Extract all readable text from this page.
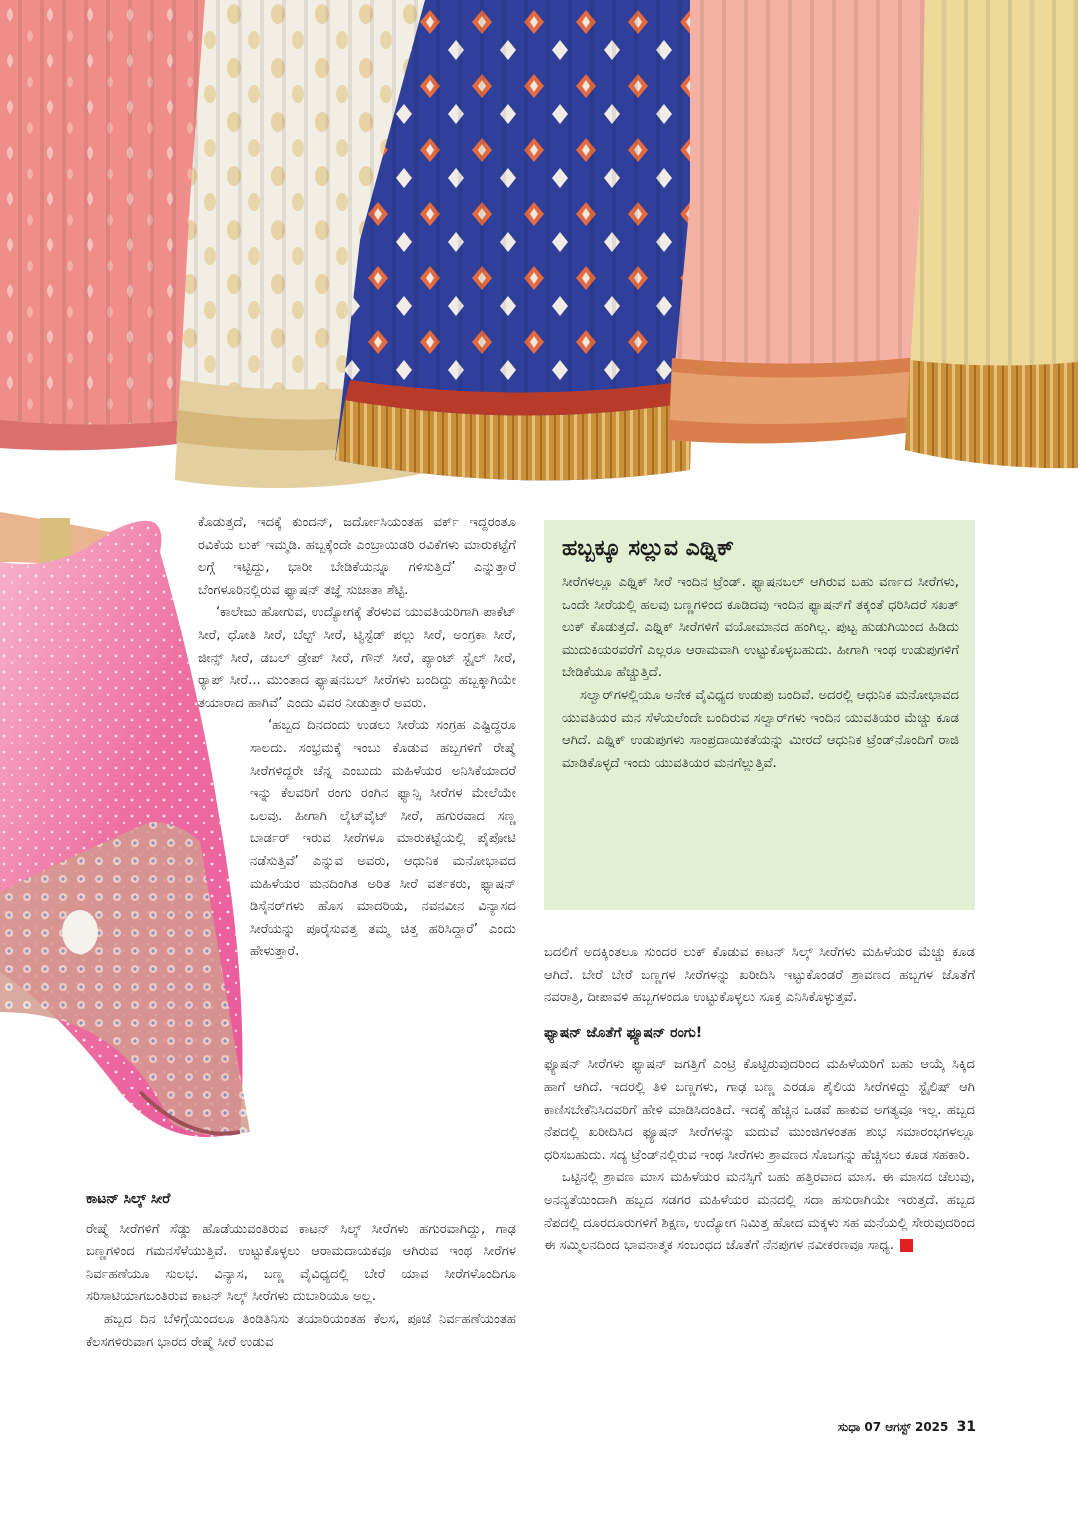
ಕೊಡುತ್ತದೆ, ಇದಕ್ಕೆ ಕುಂದನ್, ಜರ್ದೋಸಿಯಂತಹ ವರ್ಕ್ ಇದ್ದರಂತೂ ರವಿಕೆಯ ಲುಕ್ ಇಮ್ಮಡಿ. ಹಬ್ಬಕ್ಕೆಂದೇ ಎಂಬ್ರಾಯಿಡರಿ ರವಿಕೆಗಳು ಮಾರುಕಟ್ಟೆಗೆ ಲಗ್ಗೆ ಇಟ್ಟಿದ್ದು, ಭಾರೀ ಬೇಡಿಕೆಯನ್ನೂ ಗಳಿಸುತ್ತಿದೆ’ ಎನ್ನುತ್ತಾರೆ ಬೆಂಗಳೂರಿನಲ್ಲಿರುವ ಫ್ಯಾಷನ್ ತಜ್ಞೆ ಸುಜಾತಾ ಶೆಟ್ಟಿ.

‘ಕಾಲೇಜು ಹೋಗುವ, ಉದ್ಯೋಗಕ್ಕೆ ತೆರಳುವ ಯುವತಿಯರಿಗಾಗಿ ಪಾಕೆಟ್ ಸೀರೆ, ಧೋತಿ ಸೀರೆ, ಬೆಲ್ಟ್ ಸೀರೆ, ಟ್ವಿಸ್ಟೆಡ್ ಪಲ್ಲು ಸೀರೆ, ಅಂಗ್ರಕಾ ಸೀರೆ, ಜೀನ್ಸ್ ಸೀರೆ, ಡಬಲ್ ಡ್ರೇಪ್ ಸೀರೆ, ಗೌನ್ ಸೀರೆ, ಪ್ಯಾಂಟ್ ಸ್ಟೈಲ್ ಸೀರೆ, ರ್‍ಯಾಪ್ ಸೀರೆ... ಮುಂತಾದ ಫ್ಯಾಷನಬಲ್ ಸೀರೆಗಳು ಬಂದಿದ್ದು ಹಬ್ಬಕ್ಕಾಗಿಯೇ ತಯಾರಾದ ಹಾಗಿವೆ’ ಎಂದು ವಿವರ ನೀಡುತ್ತಾರೆ ಅವರು.

‘ಹಬ್ಬದ ದಿನದಂದು ಉಡಲು ಸೀರೆಯ ಸಂಗ್ರಹ ಎಷ್ಟಿದ್ದರೂ ಸಾಲದು. ಸಂಭ್ರಮಕ್ಕೆ ಇಂಬು ಕೊಡುವ ಹಬ್ಬಗಳಿಗೆ ರೇಷ್ಮೆ ಸೀರೆಗಳಿದ್ದರೇ ಚೆನ್ನ ಎಂಬುದು ಮಹಿಳೆಯರ ಅನಿಸಿಕೆಯಾದರೆ ಇನ್ನು ಕೆಲವರಿಗೆ ರಂಗು ರಂಗಿನ ಫ್ಯಾನ್ಸಿ ಸೀರೆಗಳ ಮೇಲೆಯೇ ಒಲವು. ಹೀಗಾಗಿ ಲೈಟ್‌ವೈಟ್ ಸೀರೆ, ಹಗುರವಾದ ಸಣ್ಣ ಬಾರ್ಡರ್ ಇರುವ ಸೀರೆಗಳೂ ಮಾರುಕಟ್ಟೆಯಲ್ಲಿ ಪೈಪೋಟಿ ನಡೆಸುತ್ತಿವೆ’ ಎನ್ನುವ ಅವರು, ಆಧುನಿಕ ಮನೋಭಾವದ ಮಹಿಳೆಯರ ಮನದಿಂಗಿತ ಅರಿತ ಸೀರೆ ವರ್ತಕರು, ಫ್ಯಾಷನ್ ಡಿಸೈನರ್‌ಗಳು ಹೊಸ ಮಾದರಿಯ, ನವನವೀನ ವಿನ್ಯಾಸದ ಸೀರೆಯನ್ನು ಪೂರೈಸುವತ್ತ ತಮ್ಮ ಚಿತ್ತ ಹರಿಸಿದ್ದಾರೆ’ ಎಂದು ಹೇಳುತ್ತಾರೆ.

ಕಾಟನ್ ಸಿಲ್ಕ್ ಸೀರೆ

ರೇಷ್ಮೆ ಸೀರೆಗಳಿಗೆ ಸೆಡ್ಡು ಹೊಡೆಯುವಂತಿರುವ ಕಾಟನ್ ಸಿಲ್ಕ್ ಸೀರೆಗಳು ಹಗುರವಾಗಿದ್ದು, ಗಾಢ ಬಣ್ಣಗಳಿಂದ ಗಮನಸೆಳೆಯುತ್ತಿವೆ. ಉಟ್ಟುಕೊಳ್ಳಲು ಆರಾಮದಾಯಕವೂ ಆಗಿರುವ ಇಂಥ ಸೀರೆಗಳ ನಿರ್ವಹಣೆಯೂ ಸುಲಭ. ವಿನ್ಯಾಸ, ಬಣ್ಣ ವೈವಿಧ್ಯದಲ್ಲಿ ಬೇರೆ ಯಾವ ಸೀರೆಗಳೊಂದಿಗೂ ಸರಿಸಾಟಿಯಾಗಬಂತಿರುವ ಕಾಟನ್ ಸಿಲ್ಕ್ ಸೀರೆಗಳು ದುಬಾರಿಯೂ ಅಲ್ಲ.

ಹಬ್ಬದ ದಿನ ಬೆಳಿಗ್ಗೆಯಿಂದಲೂ ತಿಂಡಿತಿನಿಸು ತಯಾರಿಯಂತಹ ಕೆಲಸ, ಪೂಜೆ ನಿರ್ವಹಣೆಯಂತಹ ಕೆಲಸಗಳಿರುವಾಗ ಭಾರದ ರೇಷ್ಮೆ ಸೀರೆ ಉಡುವ

ಹಬ್ಬಕ್ಕೂ ಸಲ್ಲುವ ಎಥ್ನಿಕ್

ಸೀರೆಗಳಲ್ಲೂ ಎಥ್ನಿಕ್ ಸೀರೆ ಇಂದಿನ ಟ್ರೆಂಡ್. ಫ್ಯಾಷನಬಲ್ ಆಗಿರುವ ಬಹು ವರ್ಣದ ಸೀರೆಗಳು, ಒಂದೇ ಸೀರೆಯಲ್ಲಿ ಹಲವು ಬಣ್ಣಗಳಿಂದ ಕೂಡಿದವು ಇಂದಿನ ಫ್ಯಾಷನ್‌ಗೆ ತಕ್ಕಂತೆ ಧರಿಸಿದರೆ ಸಖತ್ ಲುಕ್ ಕೊಡುತ್ತದೆ. ಎಥ್ನಿಕ್ ಸೀರೆಗಳಿಗೆ ವಯೋಮಾನದ ಹಂಗಿಲ್ಲ. ಪುಟ್ಟ ಹುಡುಗಿಯಿಂದ ಹಿಡಿದು ಮುದುಕಿಯರವರೆಗೆ ಎಲ್ಲರೂ ಆರಾಮವಾಗಿ ಉಟ್ಟುಕೊಳ್ಳಬಹುದು. ಹೀಗಾಗಿ ಇಂಥ ಉಡುಪುಗಳಿಗೆ ಬೇಡಿಕೆಯೂ ಹೆಚ್ಚುತ್ತಿದೆ.

ಸಲ್ವಾರ್‌ಗಳಲ್ಲಿಯೂ ಅನೇಕ ವೈವಿಧ್ಯದ ಉಡುಪು ಬಂದಿವೆ. ಅದರಲ್ಲಿ ಆಧುನಿಕ ಮನೋಭಾವದ ಯುವತಿಯರ ಮನ ಸೆಳೆಯಲೆಂದೇ ಬಂದಿರುವ ಸಲ್ವಾರ್‌ಗಳು ಇಂದಿನ ಯುವತಿಯರ ಮೆಚ್ಚು ಕೂಡ ಆಗಿದೆ. ಎಥ್ನಿಕ್ ಉಡುಪುಗಳು ಸಾಂಪ್ರದಾಯಿಕತೆಯನ್ನು ಮೀರದೆ ಆಧುನಿಕ ಟ್ರೆಂಡ್‌ನೊಂದಿಗೆ ರಾಜಿ ಮಾಡಿಕೊಳ್ಳದೆ ಇಂದು ಯುವತಿಯರ ಮನಗೆಲ್ಲುತ್ತಿವೆ.

ಬದಲಿಗೆ ಅದಕ್ಕಿಂತಲೂ ಸುಂದರ ಲುಕ್ ಕೊಡುವ ಕಾಟನ್ ಸಿಲ್ಕ್ ಸೀರೆಗಳು ಮಹಿಳೆಯರ ಮೆಚ್ಚು ಕೂಡ ಆಗಿದೆ. ಬೇರೆ ಬೇರೆ ಬಣ್ಣಗಳ ಸೀರೆಗಳನ್ನು ಖರೀದಿಸಿ ಇಟ್ಟುಕೊಂಡರೆ ಶ್ರಾವಣದ ಹಬ್ಬಗಳ ಜೊತೆಗೆ ನವರಾತ್ರಿ, ದೀಪಾವಳಿ ಹಬ್ಬಗಳಂದೂ ಉಟ್ಟುಕೊಳ್ಳಲು ಸೂಕ್ತ ಎನಿಸಿಕೊಳ್ಳುತ್ತವೆ.

ಫ್ಯಾಷನ್ ಜೊತೆಗೆ ಫ್ಯೂಷನ್ ರಂಗು!

ಫ್ಯೂಷನ್ ಸೀರೆಗಳು ಫ್ಯಾಷನ್ ಜಗತ್ತಿಗೆ ಎಂಟ್ರಿ ಕೊಟ್ಟಿರುವುದರಿಂದ ಮಹಿಳೆಯರಿಗೆ ಬಹು ಆಯ್ಕೆ ಸಿಕ್ಕಿದ ಹಾಗೆ ಆಗಿದೆ. ಇದರಲ್ಲಿ ತಿಳಿ ಬಣ್ಣಗಳು, ಗಾಢ ಬಣ್ಣ ಎರಡೂ ಶೈಲಿಯ ಸೀರೆಗಳಿದ್ದು ಸ್ಟೈಲಿಷ್ ಆಗಿ ಕಾಣಿಸಬೇಕೆನಿಸಿದವರಿಗೆ ಹೇಳಿ ಮಾಡಿಸಿದಂತಿದೆ. ಇದಕ್ಕೆ ಹೆಚ್ಚಿನ ಒಡವೆ ಹಾಕುವ ಅಗತ್ಯವೂ ಇಲ್ಲ. ಹಬ್ಬದ ನೆಪದಲ್ಲಿ ಖರೀದಿಸಿದ ಫ್ಯೂಷನ್ ಸೀರೆಗಳನ್ನು ಮದುವೆ ಮುಂಜಿಗಳಂತಹ ಶುಭ ಸಮಾರಂಭಗಳಲ್ಲೂ ಧರಿಸಬಹುದು. ಸದ್ಯ ಟ್ರೆಂಡ್‌ನಲ್ಲಿರುವ ಇಂಥ ಸೀರೆಗಳು ಶ್ರಾವಣದ ಸೊಬಗನ್ನು ಹೆಚ್ಚಿಸಲು ಕೂಡ ಸಹಕಾರಿ.

ಒಟ್ಟಿನಲ್ಲಿ ಶ್ರಾವಣ ಮಾಸ ಮಹಿಳೆಯರ ಮನಸ್ಸಿಗೆ ಬಹು ಹತ್ತಿರವಾದ ಮಾಸ. ಈ ಮಾಸದ ಚೆಲುವು, ಅನನ್ಯತೆಯಿಂದಾಗಿ ಹಬ್ಬದ ಸಡಗರ ಮಹಿಳೆಯರ ಮನದಲ್ಲಿ ಸದಾ ಹಸುರಾಗಿಯೇ ಇರುತ್ತದೆ. ಹಬ್ಬದ ನೆಪದಲ್ಲಿ ದೂರದೂರುಗಳಿಗೆ ಶಿಕ್ಷಣ, ಉದ್ಯೋಗ ನಿಮಿತ್ತ ಹೋದ ಮಕ್ಕಳು ಸಹ ಮನೆಯಲ್ಲಿ ಸೇರುವುದರಿಂದ ಈ ಸಮ್ಮಿಲನದಿಂದ ಭಾವನಾತ್ಮಕ ಸಂಬಂಧದ ಜೊತೆಗೆ ನೆನಪುಗಳ ನವೀಕರಣವೂ ಸಾಧ್ಯ.

ಸುಧಾ 07 ಆಗಸ್ಟ್ 2025 31
